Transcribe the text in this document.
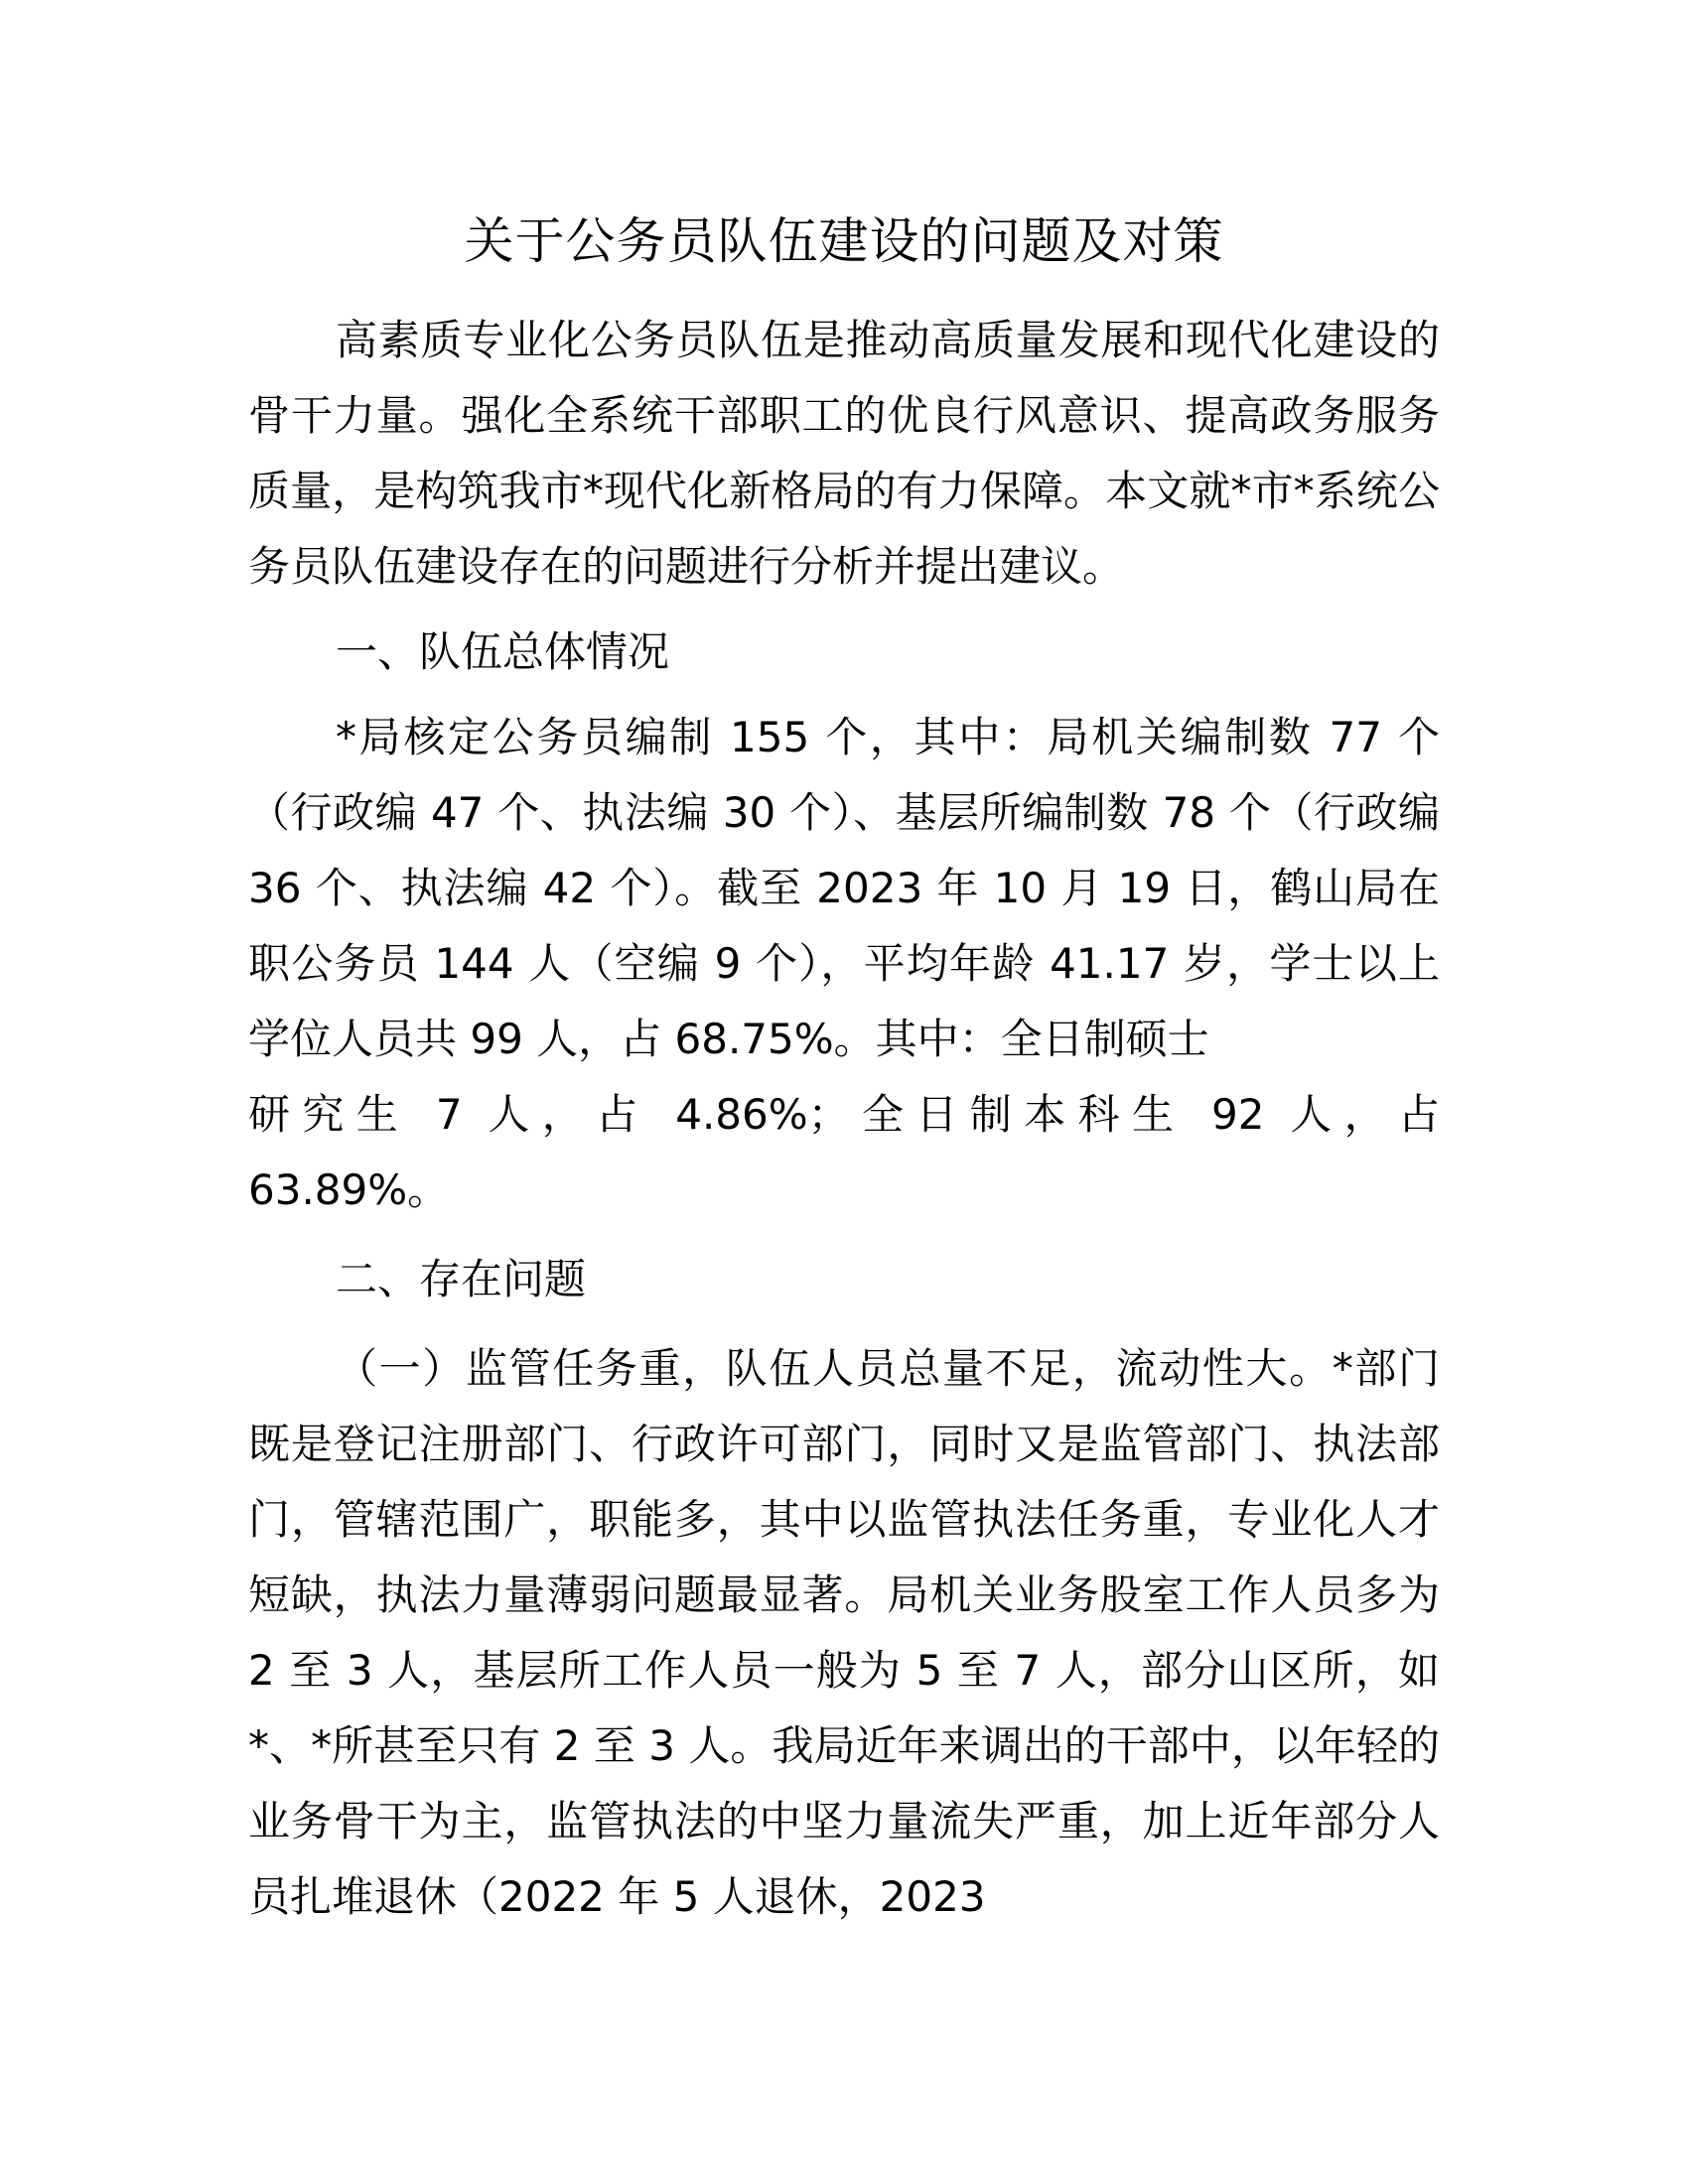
关于公务员队伍建设的问题及对策

高素质专业化公务员队伍是推动高质量发展和现代化建设的骨干力量。强化全系统干部职工的优良行风意识、提高政务服务质量，是构筑我市*现代化新格局的有力保障。本文就*市*系统公务员队伍建设存在的问题进行分析并提出建议。

一、队伍总体情况

*局核定公务员编制 155 个，其中：局机关编制数 77 个（行政编 47 个、执法编 30 个）、基层所编制数 78 个（行政编 36 个、执法编 42 个）。截至 2023 年 10 月 19 日，鹤山局在职公务员 144 人（空编 9 个），平均年龄 41.17 岁，学士以上学位人员共 99 人，占 68.75%。其中：全日制硕士

研究生 7 人，占 4.86%；全日制本科生 92 人，占

63.89%。

二、存在问题

（一）监管任务重，队伍人员总量不足，流动性大。*部门既是登记注册部门、行政许可部门，同时又是监管部门、执法部门，管辖范围广，职能多，其中以监管执法任务重，专业化人才短缺，执法力量薄弱问题最显著。局机关业务股室工作人员多为 2 至 3 人，基层所工作人员一般为 5 至 7 人，部分山区所，如*、*所甚至只有 2 至 3 人。我局近年来调出的干部中，以年轻的业务骨干为主，监管执法的中坚力量流失严重，加上近年部分人员扎堆退休（2022 年 5 人退休，2023
